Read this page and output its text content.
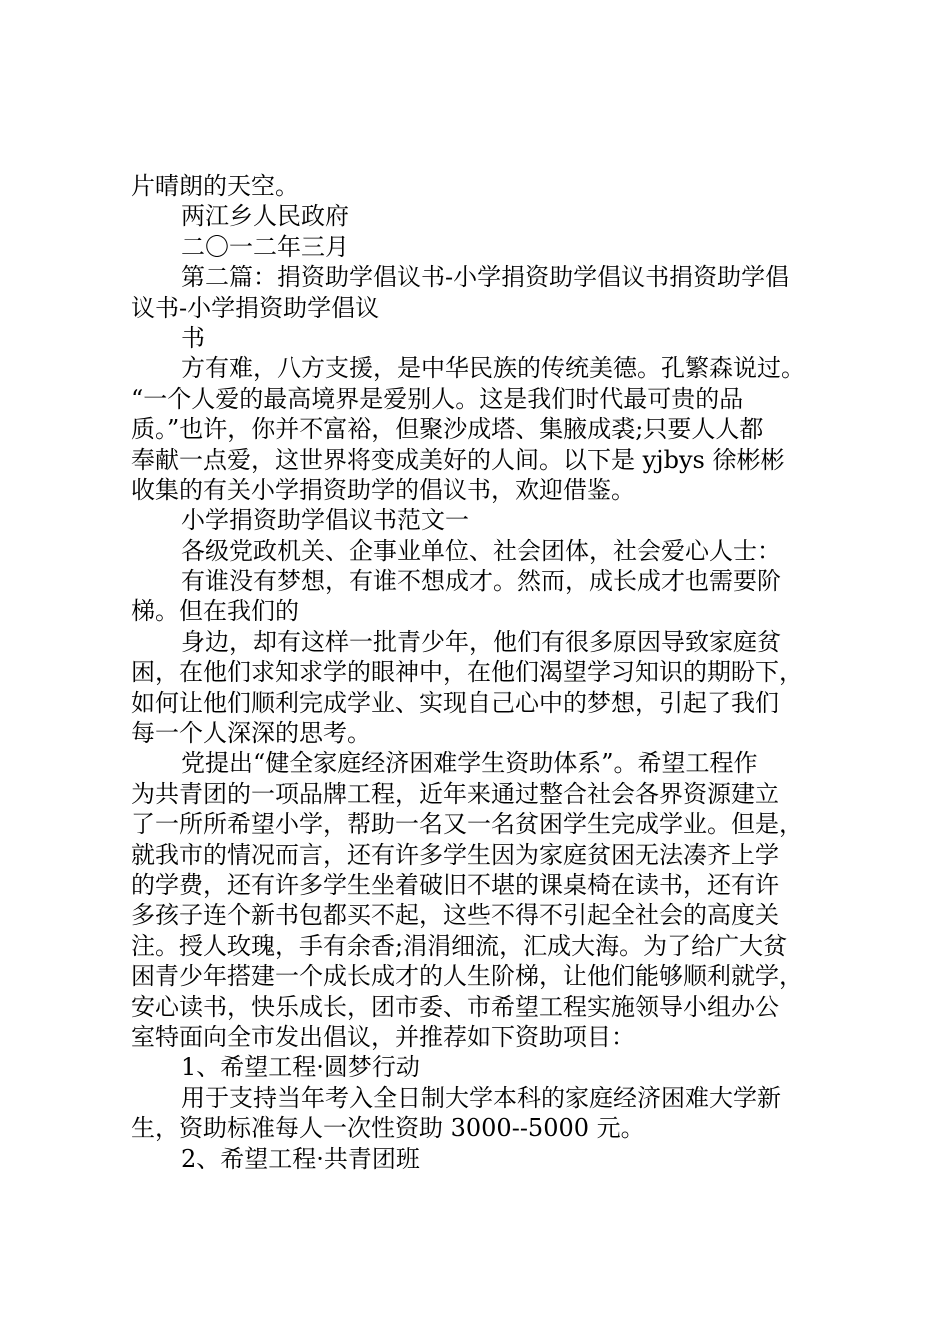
片晴朗的天空。
两江乡人民政府
二〇一二年三月
第二篇：捐资助学倡议书-小学捐资助学倡议书捐资助学倡
议书-小学捐资助学倡议
书
方有难，八方支援，是中华民族的传统美德。孔繁森说过。
“一个人爱的最高境界是爱别人。这是我们时代最可贵的品
质。”也许，你并不富裕，但聚沙成塔、集腋成裘;只要人人都
奉献一点爱，这世界将变成美好的人间。以下是 yjbys 徐彬彬
收集的有关小学捐资助学的倡议书，欢迎借鉴。
小学捐资助学倡议书范文一
各级党政机关、企事业单位、社会团体，社会爱心人士：
有谁没有梦想，有谁不想成才。然而，成长成才也需要阶
梯。但在我们的
身边，却有这样一批青少年，他们有很多原因导致家庭贫
困，在他们求知求学的眼神中，在他们渴望学习知识的期盼下，
如何让他们顺利完成学业、实现自己心中的梦想，引起了我们
每一个人深深的思考。
党提出“健全家庭经济困难学生资助体系”。希望工程作
为共青团的一项品牌工程，近年来通过整合社会各界资源建立
了一所所希望小学，帮助一名又一名贫困学生完成学业。但是，
就我市的情况而言，还有许多学生因为家庭贫困无法凑齐上学
的学费，还有许多学生坐着破旧不堪的课桌椅在读书，还有许
多孩子连个新书包都买不起，这些不得不引起全社会的高度关
注。授人玫瑰，手有余香;涓涓细流，汇成大海。为了给广大贫
困青少年搭建一个成长成才的人生阶梯，让他们能够顺利就学，
安心读书，快乐成长，团市委、市希望工程实施领导小组办公
室特面向全市发出倡议，并推荐如下资助项目：
1、希望工程·圆梦行动
用于支持当年考入全日制大学本科的家庭经济困难大学新
生，资助标准每人一次性资助 3000--5000 元。
2、希望工程·共青团班
